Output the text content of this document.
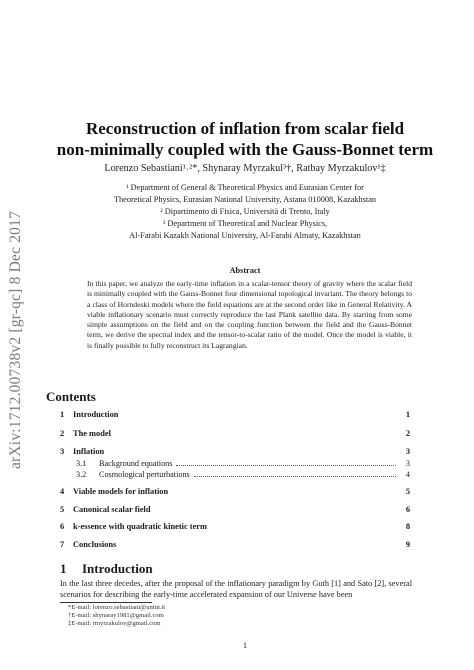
arXiv:1712.00738v2 [gr-qc] 8 Dec 2017
Reconstruction of inflation from scalar field
non-minimally coupled with the Gauss-Bonnet term
Lorenzo Sebastiani¹˒²*, Shynaray Myrzakul³†, Ratbay Myrzakulov¹‡
¹ Department of General & Theoretical Physics and Eurasian Center for
Theoretical Physics, Eurasian National University, Astana 010008, Kazakhstan
² Dipartimento di Fisica, Università di Trento, Italy
³ Department of Theoretical and Nuclear Physics,
Al-Farabi Kazakh National University, Al-Farabi Almaty, Kazakhstan
Abstract
In this paper, we analyze the early-time inflation in a scalar-tensor theory of gravity where the scalar field is minimally coupled with the Gauss-Bonnet four dimensional topological invariant. The theory belongs to a class of Horndeski models where the field equations are at the second order like in General Relativity. A viable inflationary scenario must correctly reproduce the last Plank satellite data. By starting from some simple assumptions on the field and on the coupling function between the field and the Gauss-Bonnet term, we derive the spectral index and the tensor-to-scalar ratio of the model. Once the model is viable, it is finally possible to fully reconstruct its Lagrangian.
Contents
1	Introduction	1
2	The model	2
3	Inflation	3
3.1	Background equations	3
3.2	Cosmological perturbations	4
4	Viable models for inflation	5
5	Canonical scalar field	6
6	k-essence with quadratic kinetic term	8
7	Conclusions	9
1 Introduction
In the last three decedes, after the proposal of the inflationary paradigm by Guth [1] and Sato [2], several scenarios for describing the early-time accelerated expansion of our Universe have been
*E-mail: lorenzo.sebastiani@unitn.it
†E-mail: shynaray1981@gmail.com
‡E-mail: rmyrzakulov@gmail.com
1
